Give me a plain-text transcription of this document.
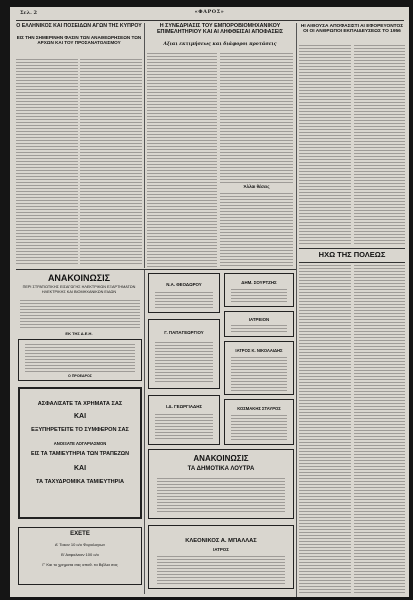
Σελ. 2	«ΦΑΡΟΣ»
Ο ΕΛΛΗΝΙΚΟΣ ΚΑΙ ΠΟΣΕΙΔΩΝ ΑΓΩΝ ΤΗΣ ΚΥΠΡΟΥ
ΕΙΣ ΤΗΝ ΣΗΜΕΡΙΝΗΝ ΦΑΣΙΝ ΤΩΝ ΑΝΑΘΕΩΡΗΣΕΩΝ ΤΩΝ ΑΡΧΩΝ ΚΑΙ ΤΟΥ ΠΡΟΣΑΝΑΤΟΛΙΣΜΟΥ
Η ΣΥΝΕΔΡΙΑΣΙΣ ΤΟΥ ΕΜΠΟΡΟΒΙΟΜΗΧΑΝΙΚΟΥ ΕΠΙΜΕΛΗΤΗΡΙΟΥ ΚΑΙ ΑΙ ΛΗΦΘΕΙΣΑΙ ΑΠΟΦΑΣΕΙΣ
Αξιαι εκτιμήσεως και διάφοροι προτάσεις
Άλλαι θέσεις
ΗΙ ΑΙΘΟΥΣΑ ΑΠΟΦΑΣΙΣΤΙ ΑΙ ΕΦΟΡΕΥΟΝΤΟΣ ΟΙ ΟΙ ΑΝΘΡΩΠΟΙ ΕΚΠΑΙΔΕΥΣΕΩΣ ΤΟ 1956
ΗΧΩ ΤΗΣ ΠΟΛΕΩΣ
ΑΝΑΚΟΙΝΩΣΙΣ
ΠΕΡΙ ΣΤΡΑΤΙΩΤΙΚΗΣ ΕΙΣΑΓΩΓΗΣ ΗΛΕΚΤΡΙΚΩΝ ΕΞΑΡΤΗΜΑΤΩΝ ΗΛΕΚΤΡΙΚΗΣ ΚΑΙ ΒΙΟΜΗΧΑΝΙΚΩΝ ΕΙΔΩΝ
ΕΚ ΤΗΣ Δ.Ε.Η.
Ο ΠΡΟΕΔΡΟΣ
ΑΣΦΑΛΙΣΑΤΕ ΤΑ ΧΡΗΜΑΤΑ ΣΑΣ
ΚΑΙ
ΕΞΥΠΗΡΕΤΕΙΤΕ ΤΟ ΣΥΜΦΕΡΟΝ ΣΑΣ
ΑΝΟΙΞΑΤΕ ΛΟΓΑΡΙΑΣΜΟΝ
ΕΙΣ ΤΑ ΤΑΜΙΕΥΤΗΡΙΑ ΤΩΝ ΤΡΑΠΕΖΩΝ
ΚΑΙ
ΤΑ ΤΑΧΥΔΡΟΜΙΚΑ ΤΑΜΙΕΥΤΗΡΙΑ
ΕΧΕΤΕ
Α' Τοκον 10 ο/ο Φορολογιων
Β' Ασφαλειαν 100 ο/ο
Γ' Και το χρηματα σας αποθ. τα Βιβλια σας
Ν.Α. ΘΕΟΔΩΡΟΥ
Γ. ΠΑΠΑΓΕΩΡΓΙΟΥ
Ι.Δ. ΓΕΩΡΓΙΑΔΗΣ
ΔΗΜ. ΣΟΥΡΤΖΗΣ
ΙΑΤΡΕΙΟΝ
ΙΑΤΡΟΣ Κ. ΝΙΚΟΛΑΙΔΗΣ
ΚΟΣΜΑΚΗΣ ΣΤΑΥΡΟΣ
ΑΝΑΚΟΙΝΩΣΙΣ
ΤΑ ΔΗΜΟΤΙΚΑ ΛΟΥΤΡΑ
ΚΛΕΟΝΙΚΟΣ Α. ΜΠΑΛΛΑΣ
ΙΑΤΡΟΣ
